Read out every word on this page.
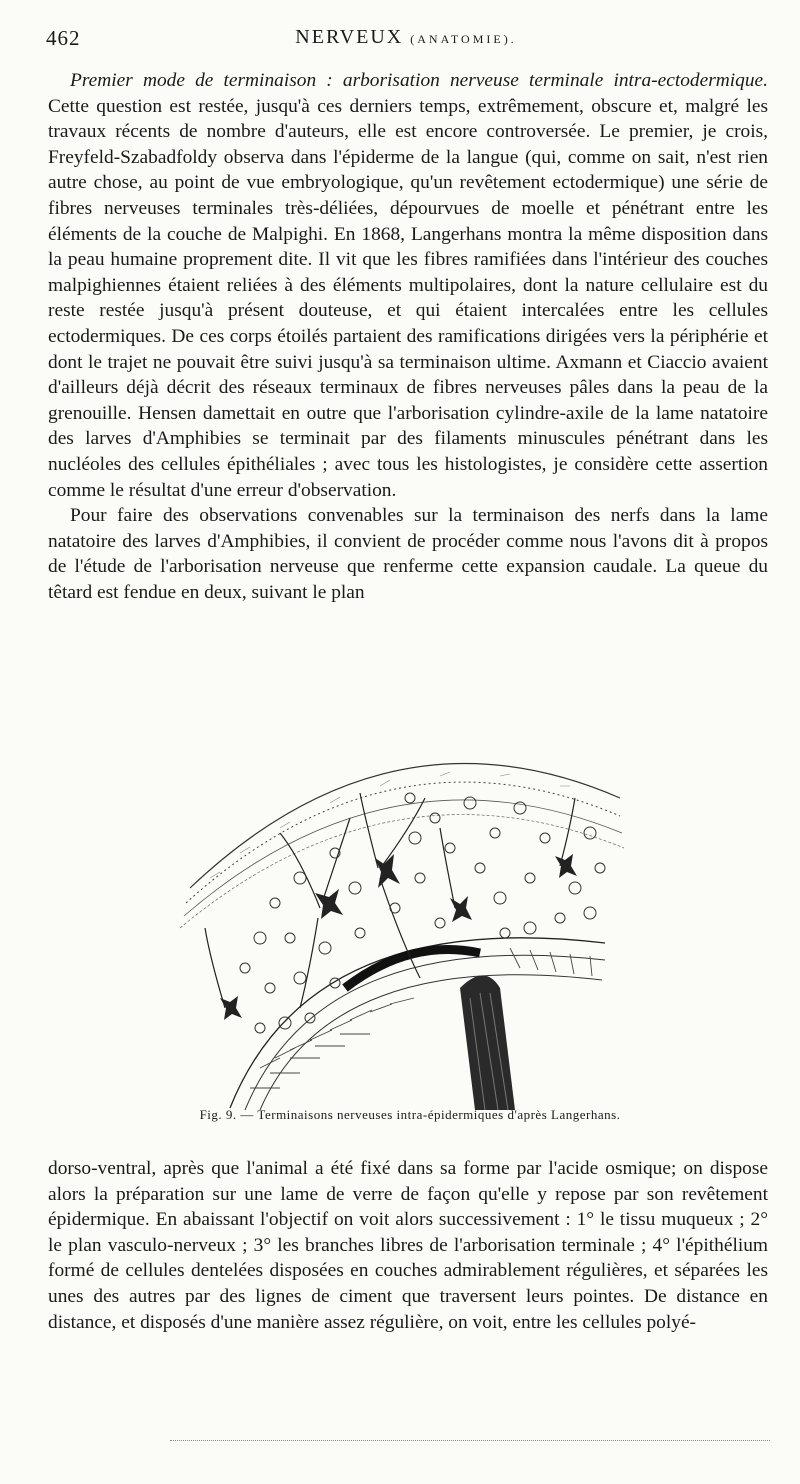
462	NERVEUX (ANATOMIE).

Premier mode de terminaison : arborisation nerveuse terminale intra-ectodermique. Cette question est restée, jusqu'à ces derniers temps, extrêmement, obscure et, malgré les travaux récents de nombre d'auteurs, elle est encore controversée. Le premier, je crois, Freyfeld-Szabadfoldy observa dans l'épiderme de la langue (qui, comme on sait, n'est rien autre chose, au point de vue embryologique, qu'un revêtement ectodermique) une série de fibres nerveuses terminales très-déliées, dépourvues de moelle et pénétrant entre les éléments de la couche de Malpighi. En 1868, Langerhans montra la même disposition dans la peau humaine proprement dite. Il vit que les fibres ramifiées dans l'intérieur des couches malpighiennes étaient reliées à des éléments multipolaires, dont la nature cellulaire est du reste restée jusqu'à présent douteuse, et qui étaient intercalées entre les cellules ectodermiques. De ces corps étoilés partaient des ramifications dirigées vers la périphérie et dont le trajet ne pouvait être suivi jusqu'à sa terminaison ultime. Axmann et Ciaccio avaient d'ailleurs déjà décrit des réseaux terminaux de fibres nerveuses pâles dans la peau de la grenouille. Hensen damettait en outre que l'arborisation cylindre-axile de la lame natatoire des larves d'Amphibies se terminait par des filaments minuscules pénétrant dans les nucléoles des cellules épithéliales ; avec tous les histologistes, je considère cette assertion comme le résultat d'une erreur d'observation.

Pour faire des observations convenables sur la terminaison des nerfs dans la lame natatoire des larves d'Amphibies, il convient de procéder comme nous l'avons dit à propos de l'étude de l'arborisation nerveuse que renferme cette expansion caudale. La queue du têtard est fendue en deux, suivant le plan

Fig. 9. — Terminaisons nerveuses intra-épidermiques d'après Langerhans.

dorso-ventral, après que l'animal a été fixé dans sa forme par l'acide osmique; on dispose alors la préparation sur une lame de verre de façon qu'elle y repose par son revêtement épidermique. En abaissant l'objectif on voit alors successivement : 1° le tissu muqueux ; 2° le plan vasculo-nerveux ; 3° les branches libres de l'arborisation terminale ; 4° l'épithélium formé de cellules dentelées disposées en couches admirablement régulières, et séparées les unes des autres par des lignes de ciment que traversent leurs pointes. De distance en distance, et disposés d'une manière assez régulière, on voit, entre les cellules polyé-
